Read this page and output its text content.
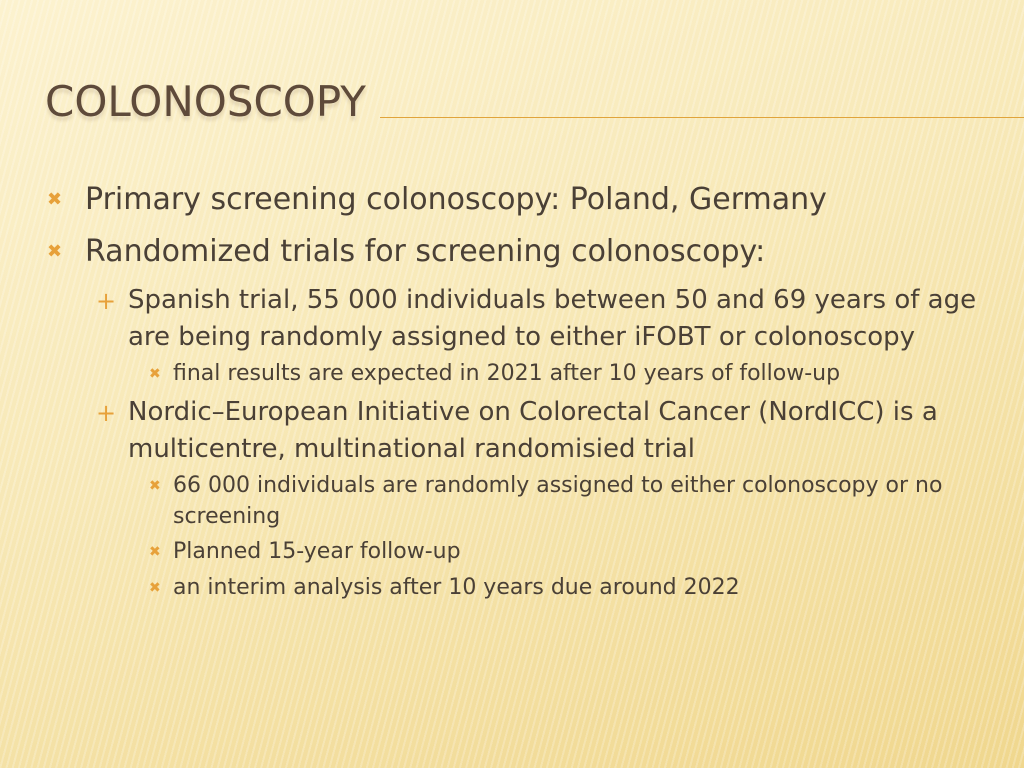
COLONOSCOPY
✖ Primary screening colonoscopy: Poland, Germany
✖ Randomized trials for screening colonoscopy:
+ Spanish trial, 55 000 individuals between 50 and 69 years of age are being randomly assigned to either iFOBT or colonoscopy
✖ final results are expected in 2021 after 10 years of follow-up
+ Nordic–European Initiative on Colorectal Cancer (NordICC) is a multicentre, multinational randomisied trial
✖ 66 000 individuals are randomly assigned to either colonoscopy or no screening
✖ Planned 15-year follow-up
✖ an interim analysis after 10 years due around 2022
